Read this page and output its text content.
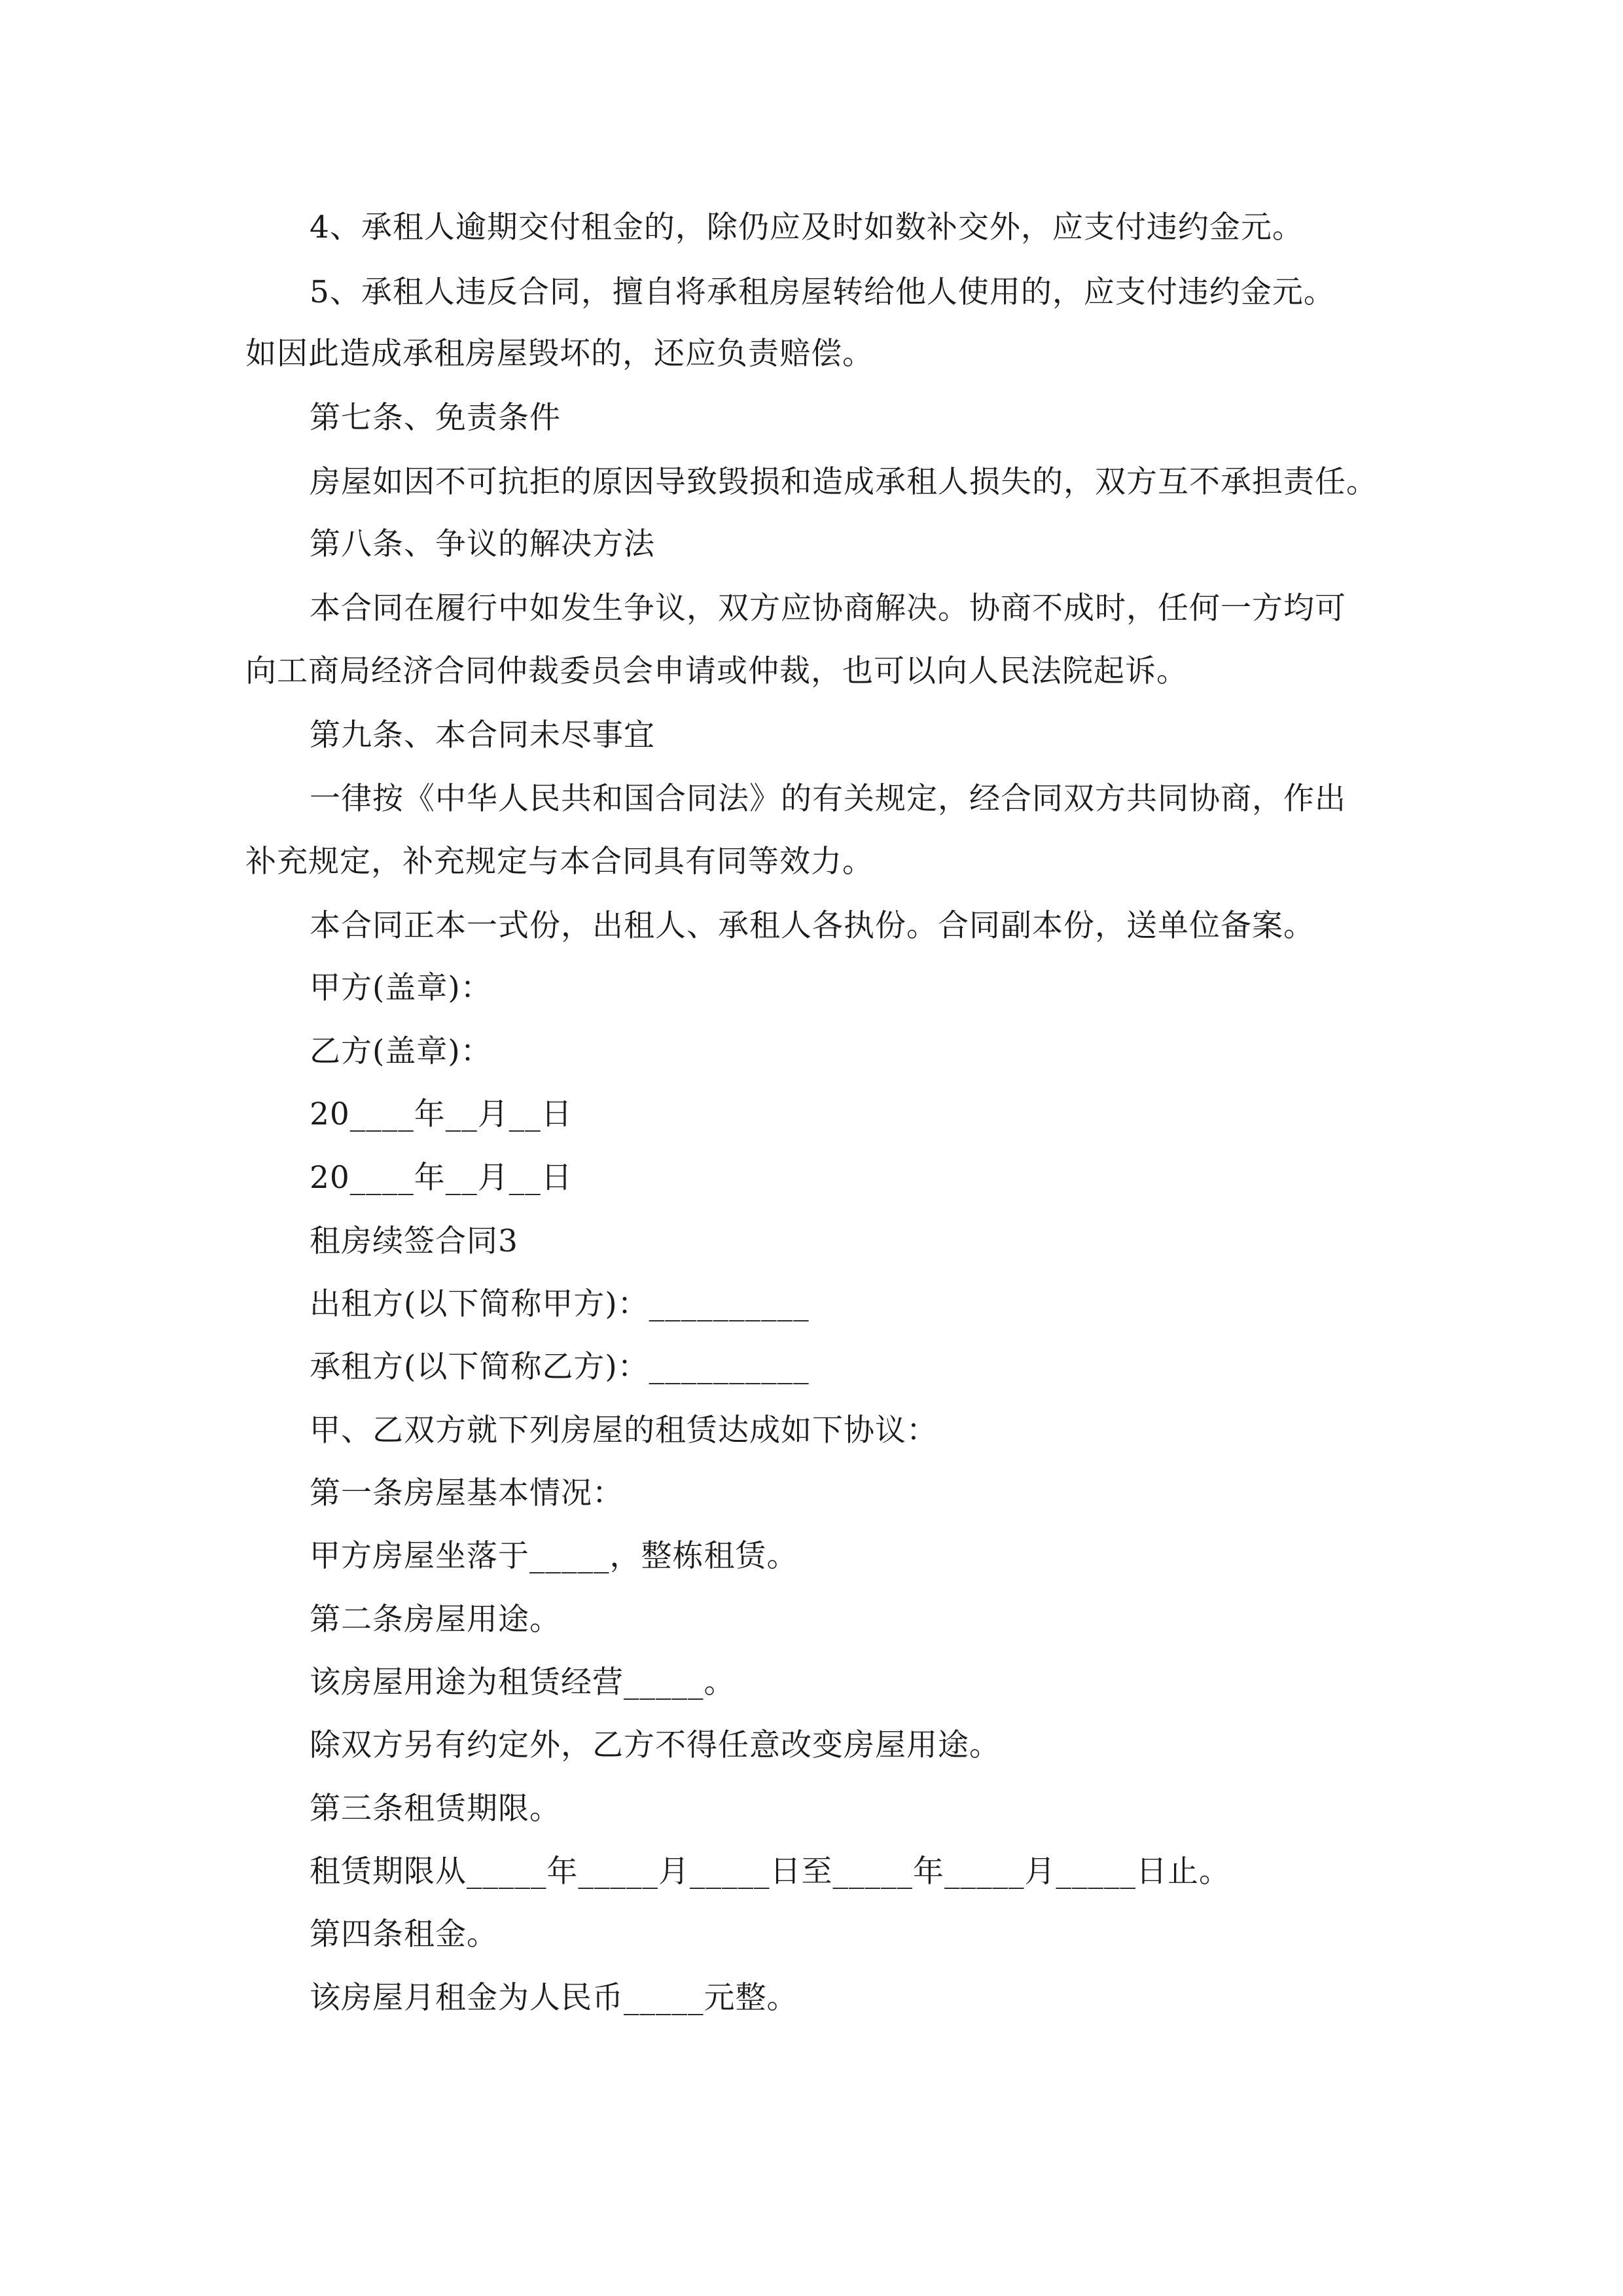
4、承租人逾期交付租金的，除仍应及时如数补交外，应支付违约金元。
5、承租人违反合同，擅自将承租房屋转给他人使用的，应支付违约金元。
如因此造成承租房屋毁坏的，还应负责赔偿。
第七条、免责条件
房屋如因不可抗拒的原因导致毁损和造成承租人损失的，双方互不承担责任。
第八条、争议的解决方法
本合同在履行中如发生争议，双方应协商解决。协商不成时，任何一方均可
向工商局经济合同仲裁委员会申请或仲裁，也可以向人民法院起诉。
第九条、本合同未尽事宜
一律按《中华人民共和国合同法》的有关规定，经合同双方共同协商，作出
补充规定，补充规定与本合同具有同等效力。
本合同正本一式份，出租人、承租人各执份。合同副本份，送单位备案。
甲方(盖章)：
乙方(盖章)：
20____年__月__日
20____年__月__日
租房续签合同3
出租方(以下简称甲方)：__________
承租方(以下简称乙方)：__________
甲、乙双方就下列房屋的租赁达成如下协议：
第一条房屋基本情况：
甲方房屋坐落于_____，整栋租赁。
第二条房屋用途。
该房屋用途为租赁经营_____。
除双方另有约定外，乙方不得任意改变房屋用途。
第三条租赁期限。
租赁期限从_____年_____月_____日至_____年_____月_____日止。
第四条租金。
该房屋月租金为人民币_____元整。
